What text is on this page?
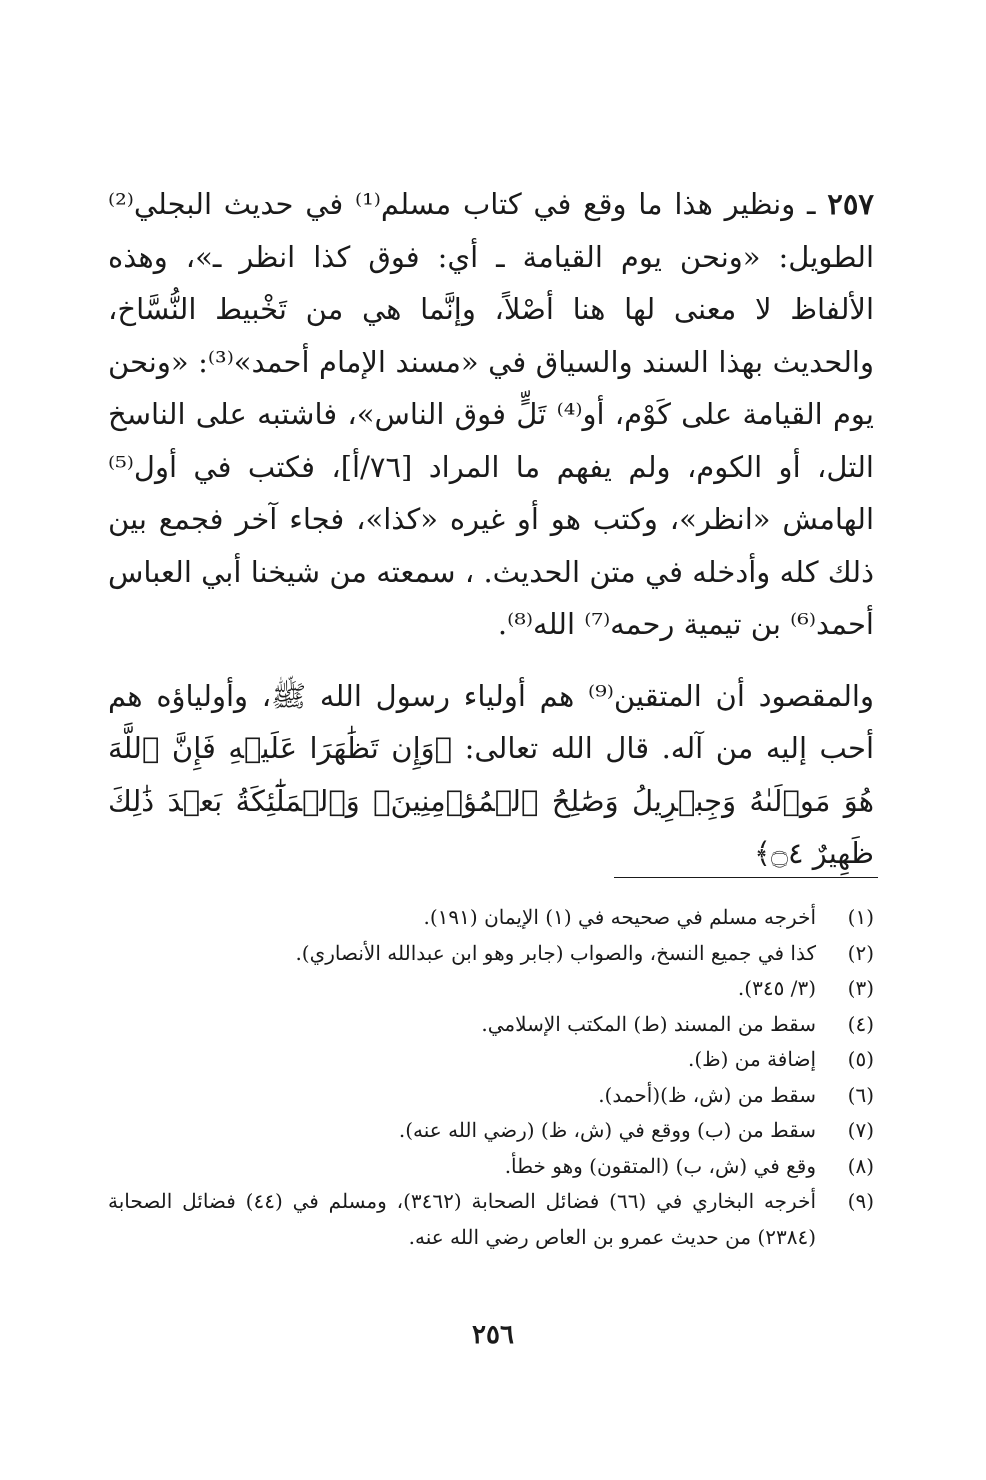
٢٥٧ ـ ونظير هذا ما وقع في كتاب مسلم⁽¹⁾ في حديث البجلي⁽²⁾ الطويل: «ونحن يوم القيامة ـ أي: فوق كذا انظر ـ»، وهذه الألفاظ لا معنى لها هنا أصْلاً، وإنَّما هي من تَخْبيط النُّسَّاخ، والحديث بهذا السند والسياق في «مسند الإمام أحمد»⁽³⁾: «ونحن يوم القيامة على كَوْم، أو⁽⁴⁾ تَلٍّ فوق الناس»، فاشتبه على الناسخ التل، أو الكوم، ولم يفهم ما المراد [٧٦/أ]، فكتب في أول⁽⁵⁾ الهامش «انظر»، وكتب هو أو غيره «كذا»، فجاء آخر فجمع بين ذلك كله وأدخله في متن الحديث. ، سمعته من شيخنا أبي العباس أحمد⁽⁶⁾ بن تيمية رحمه⁽⁷⁾ الله⁽⁸⁾.

والمقصود أن المتقين⁽⁹⁾ هم أولياء رسول الله ﷺ، وأولياؤه هم أحب إليه من آله. قال الله تعالى: ﴿وَإِن تَظَٰهَرَا عَلَيۡهِ فَإِنَّ ٱللَّهَ هُوَ مَوۡلَىٰهُ وَجِبۡرِيلُ وَصَٰلِحُ ٱلۡمُؤۡمِنِينَۖ وَٱلۡمَلَٰٓئِكَةُ بَعۡدَ ذَٰلِكَ ظَهِيرٌ ۝٤﴾

(١)
أخرجه مسلم في صحيحه في (١) الإيمان (١٩١).
(٢)
كذا في جميع النسخ، والصواب (جابر وهو ابن عبدالله الأنصاري).
(٣)
(٣/ ٣٤٥).
(٤)
سقط من المسند (ط) المكتب الإسلامي.
(٥)
إضافة من (ظ).
(٦)
سقط من (ش، ظ)(أحمد).
(٧)
سقط من (ب) ووقع في (ش، ظ) (رضي الله عنه).
(٨)
وقع في (ش، ب) (المتقون) وهو خطأ.
(٩)
أخرجه البخاري في (٦٦) فضائل الصحابة (٣٤٦٢)، ومسلم في (٤٤) فضائل الصحابة (٢٣٨٤) من حديث عمرو بن العاص رضي الله عنه.
٢٥٦
